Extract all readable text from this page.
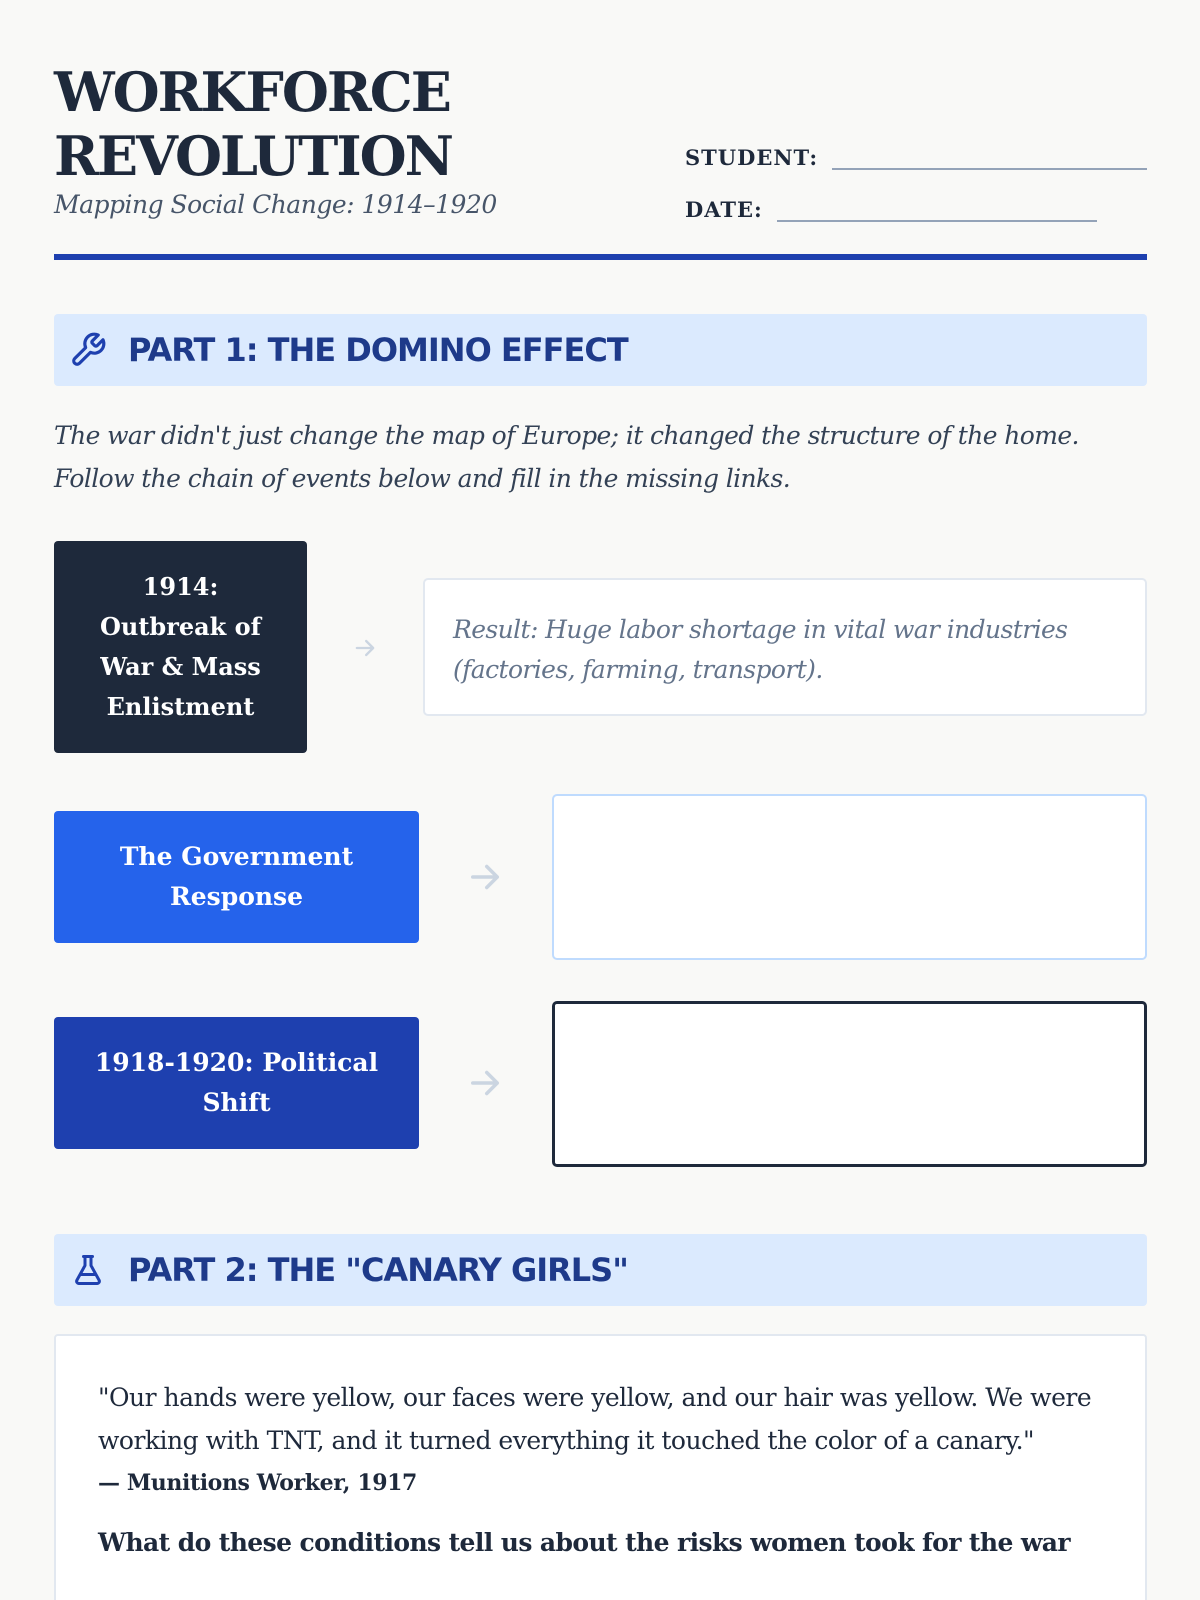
WORKFORCE
REVOLUTION
Mapping Social Change: 1914–1920
STUDENT:
DATE:
PART 1: THE DOMINO EFFECT
The war didn't just change the map of Europe; it changed the structure of the home. Follow the chain of events below and fill in the missing links.
1914: Outbreak of War & Mass Enlistment
Result: Huge labor shortage in vital war industries (factories, farming, transport).
The Government Response
1918-1920: Political Shift
PART 2: THE "CANARY GIRLS"
"Our hands were yellow, our faces were yellow, and our hair was yellow. We were working with TNT, and it turned everything it touched the color of a canary."
— Munitions Worker, 1917
What do these conditions tell us about the risks women took for the war
